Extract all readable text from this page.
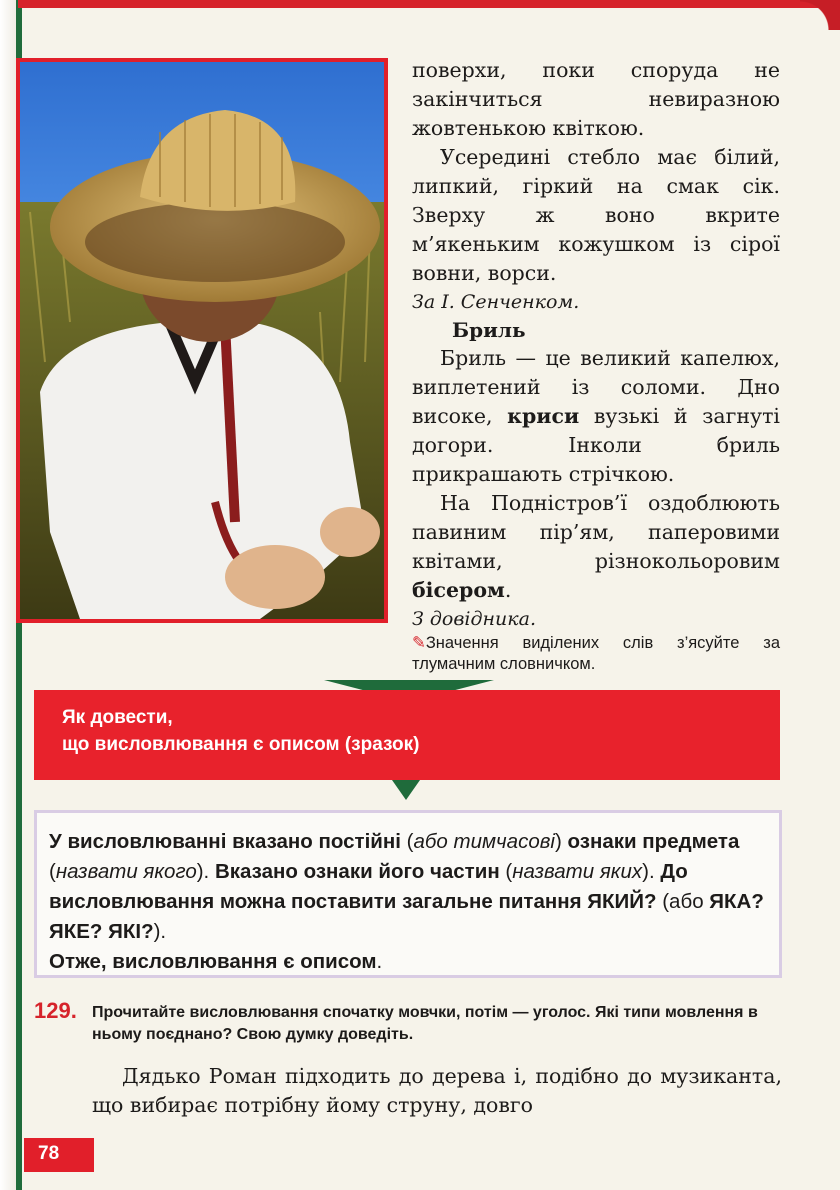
поверхи, поки споруда не закінчиться невиразною жовтенькою квіткою.

Усередині стебло має білий, липкий, гіркий на смак сік. Зверху ж воно вкрите м’якеньким кожушком із сірої вовни, ворси.

За І. Сенченком.

Бриль

Бриль — це великий капелюх, виплетений із соломи. Дно високе, криси вузькі й загнуті догори. Інколи бриль прикрашають стрічкою.

На Подністров’ї оздоблюють павиним пір’ям, паперовими квітами, різнокольоровим бісером.

З довідника.

✎Значення виділених слів з’ясуйте за тлумачним словничком.

Як довести,
що висловлювання є описом (зразок)
У висловлюванні вказано постійні (або тимчасові) ознаки предмета (назвати якого). Вказано ознаки його частин (назвати яких). До висловлювання можна поставити загальне питання ЯКИЙ? (або ЯКА? ЯКЕ? ЯКІ?).
Отже, висловлювання є описом.
129. Прочитайте висловлювання спочатку мовчки, потім — уголос. Які типи мовлення в ньому поєднано? Свою думку доведіть.

Дядько Роман підходить до дерева і, подібно до музиканта, що вибирає потрібну йому струну, довго

78
